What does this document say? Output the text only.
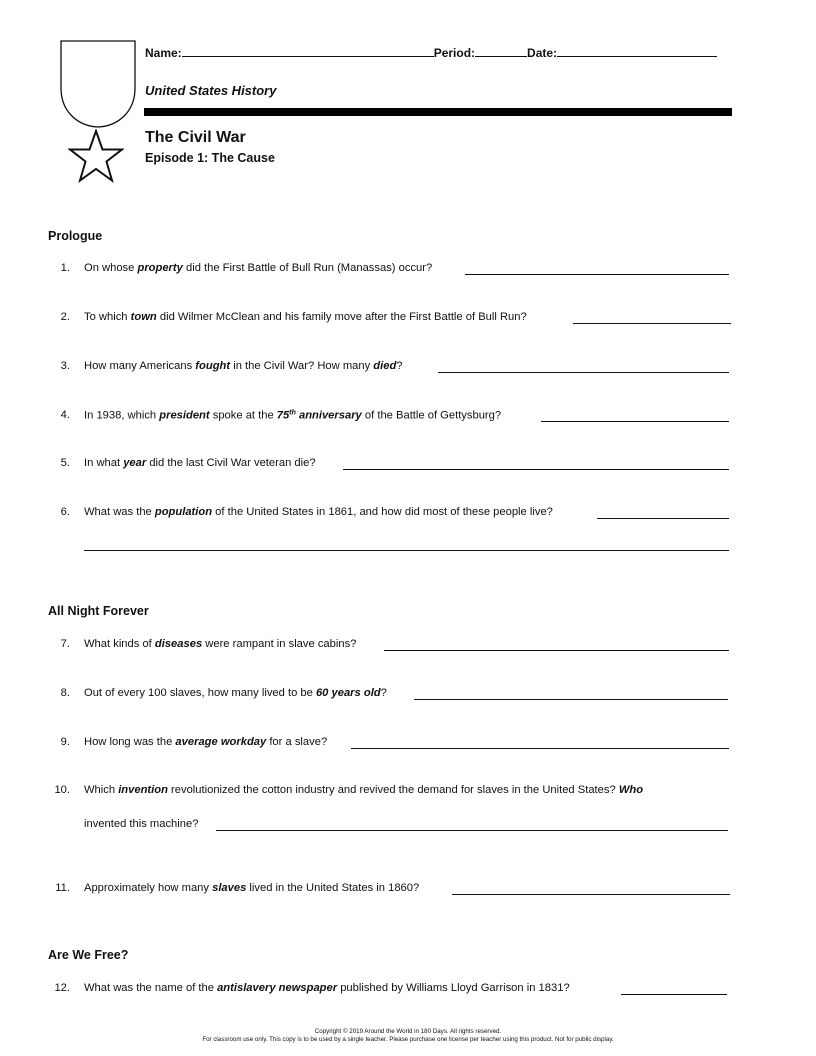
Name:	Period:	Date:
United States History
The Civil War
Episode 1: The Cause
Prologue
1. On whose property did the First Battle of Bull Run (Manassas) occur?
2. To which town did Wilmer McClean and his family move after the First Battle of Bull Run?
3. How many Americans fought in the Civil War? How many died?
4. In 1938, which president spoke at the 75th anniversary of the Battle of Gettysburg?
5. In what year did the last Civil War veteran die?
6. What was the population of the United States in 1861, and how did most of these people live?
All Night Forever
7. What kinds of diseases were rampant in slave cabins?
8. Out of every 100 slaves, how many lived to be 60 years old?
9. How long was the average workday for a slave?
10. Which invention revolutionized the cotton industry and revived the demand for slaves in the United States? Who
invented this machine?
11. Approximately how many slaves lived in the United States in 1860?
Are We Free?
12. What was the name of the antislavery newspaper published by Williams Lloyd Garrison in 1831?
Copyright © 2019 Around the World in 180 Days. All rights reserved.
For classroom use only. This copy is to be used by a single teacher. Please purchase one license per teacher using this product. Not for public display.
